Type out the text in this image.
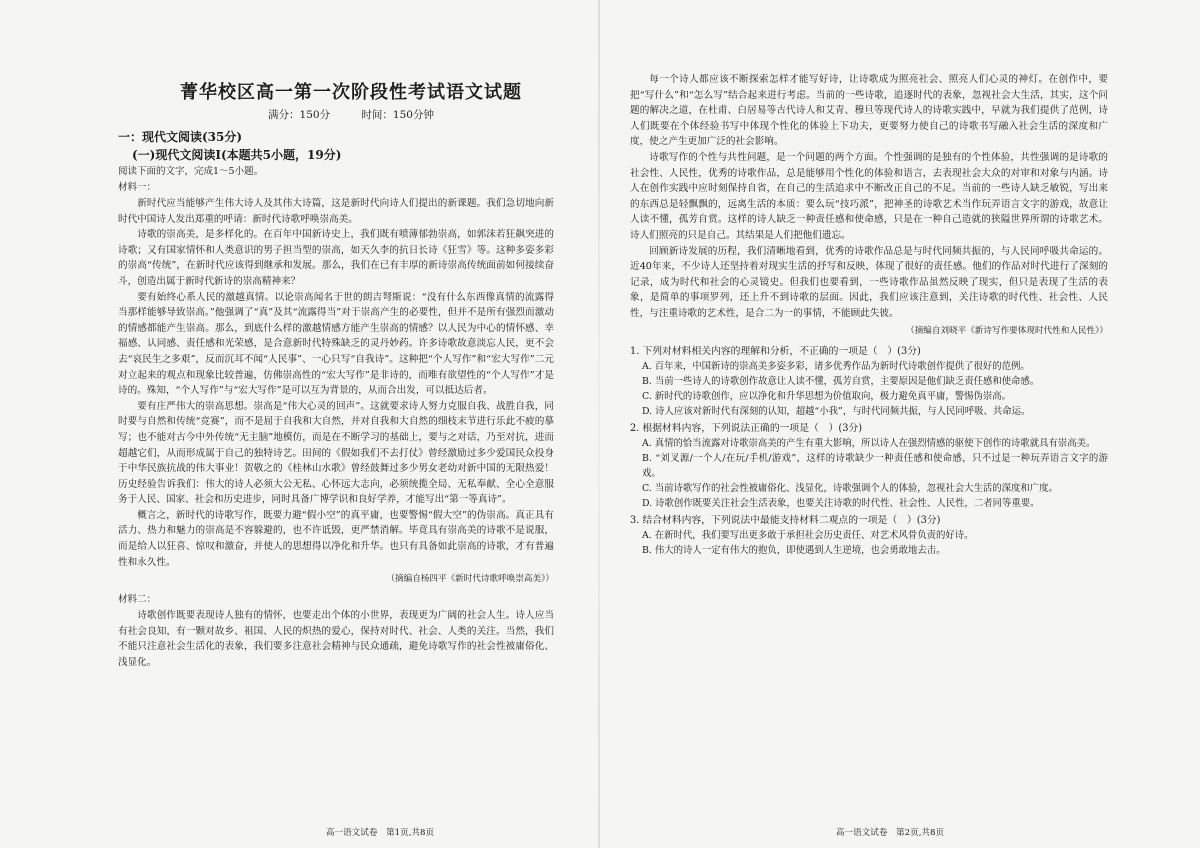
菁华校区高一第一次阶段性考试语文试题
满分：150分	时间：150分钟
一：现代文阅读(35分)
(一)现代文阅读Ⅰ(本题共5小题，19分)
阅读下面的文字，完成1～5小题。
材料一：

新时代应当能够产生伟大诗人及其伟大诗篇，这是新时代向诗人们提出的新课题。我们急切地向新时代中国诗人发出郑重的呼请：新时代诗歌呼唤崇高美。

诗歌的崇高美，是多样化的。在百年中国新诗史上，我们既有喷薄郁勃崇高，如郭沫若狂飙突进的诗歌；又有国家情怀和人类意识的男子担当型的崇高，如天久李的抗日长诗《狂雪》等。这种多姿多彩的崇高“传统”，在新时代应该得到继承和发展。那么，我们在已有丰厚的新诗崇高传统面前如何接续奋斗，创造出属于新时代新诗的崇高精神来？

要有始终心系人民的激越真情。以论崇高闻名于世的朗吉弩斯说：“没有什么东西像真情的流露得当那样能够导致崇高。”他强调了“真”及其“流露得当”对于崇高产生的必要性，但并不是所有强烈而激动的情感都能产生崇高。那么，到底什么样的激越情感方能产生崇高的情感？以人民为中心的情怀感、幸福感、认同感、责任感和光荣感，是合意新时代特殊缺乏的灵丹妙药。许多诗歌故意淡忘人民，更不会去“哀民生之多艰”，反而沉耳不闻“人民事”、一心只写“自我诗”。这种把“个人写作”和“宏大写作”二元对立起来的观点和现象比较普遍，仿佛崇高性的“宏大写作”是非诗的，而唯有欲望性的“个人写作”才是诗的。殊知，“个人写作”与“宏大写作”是可以互为背景的，从而合出发，可以抵达后者。

要有庄严伟大的崇高思想。崇高是“伟大心灵的回声”。这就要求诗人努力克服自我、战胜自我，同时要与自然和传统“竞赛”，而不是屈于自我和大自然，并对自我和大自然的细枝末节进行乐此不疲的摹写；也不能对古今中外传统“无主脑”地模仿，而是在不断学习的基础上，要与之对话，乃至对抗，进而超越它们，从而形成属于自己的独特诗艺。田间的《假如我们不去打仗》曾经激励过多少爱国民众投身于中华民族抗战的伟大事业！贺敬之的《桂林山水歌》曾经鼓舞过多少男女老幼对新中国的无限热爱！历史经验告诉我们：伟大的诗人必须大公无私、心怀远大志向，必须统揽全局、无私奉献、全心全意服务于人民、国家、社会和历史进步，同时具备广博学识和良好学养，才能写出“第一等真诗”。

概言之，新时代的诗歌写作，既要力避“假小空”的真平庸，也要警惕“假大空”的伪崇高。真正具有活力、热力和魅力的崇高是不容躲避的，也不许诋毁，更严禁消解。毕竟具有崇高美的诗歌不是说服，而是给人以狂喜、惊叹和激奋，并使人的思想得以净化和升华。也只有具备如此崇高的诗歌，才有普遍性和永久性。

（摘编自杨四平《新时代诗歌呼唤崇高美》）

材料二：

诗歌创作既要表现诗人独有的情怀，也要走出个体的小世界，表现更为广阔的社会人生。诗人应当有社会良知，有一颗对故乡、祖国、人民的炽热的爱心，保持对时代、社会、人类的关注。当然，我们不能只注意社会生活化的表象，我们要多注意社会精神与民众通疏，避免诗歌写作的社会性被庸俗化、浅显化。

高一语文试卷　第1页,共8页

每一个诗人都应该不断探索怎样才能写好诗，让诗歌成为照亮社会、照亮人们心灵的神灯。在创作中，要把“写什么”和“怎么写”结合起来进行考虑。当前的一些诗歌，追逐时代的表象，忽视社会大生活，其实，这个问题的解决之道，在杜甫、白居易等古代诗人和艾青、穆旦等现代诗人的诗歌实践中，早就为我们提供了范例，诗人们既要在个体经验书写中体现个性化的体验上下功夫，更要努力使自己的诗歌书写融入社会生活的深度和广度，使之产生更加广泛的社会影响。

诗歌写作的个性与共性问题，是一个问题的两个方面。个性强调的是独有的个性体验，共性强调的是诗歌的社会性、人民性，优秀的诗歌作品，总是能够用个性化的体验和语言，去表现社会大众的对审和对象与内涵。诗人在创作实践中应时刻保持自省，在自己的生活追求中不断改正自己的不足。当前的一些诗人缺乏敏锐，写出来的东西总是轻飘飘的，远离生活的本质：要么玩“技巧派”，把神圣的诗歌艺术当作玩弄语言文字的游戏，故意让人读不懂，孤芳自赏。这样的诗人缺乏一种责任感和使命感，只是在一种自己造就的狭隘世界所谓的诗歌艺术。诗人们照亮的只是自己。其结果是人们把他们遗忘。

回顾新诗发展的历程，我们清晰地看到，优秀的诗歌作品总是与时代同频共振的，与人民同呼吸共命运的。近40年来，不少诗人还坚持着对现实生活的抒写和反映，体现了很好的责任感。他们的作品对时代进行了深刻的记录，成为时代和社会的心灵镜史。但我们也要看到，一些诗歌作品虽然反映了现实，但只是表现了生活的表象，是简单的事项罗列，还上升不到诗歌的层面。因此，我们应该注意到，关注诗歌的时代性、社会性、人民性，与注重诗歌的艺术性，是合二为一的事情，不能顾此失彼。

（摘编自刘晓平《新诗写作要体现时代性和人民性》）

1. 下列对材料相关内容的理解和分析，不正确的一项是（　）(3分)
A. 百年来，中国新诗的崇高美多姿多彩，诸多优秀作品为新时代诗歌创作提供了很好的范例。
B. 当前一些诗人的诗歌创作故意让人读不懂，孤芳自赏，主要原因是他们缺乏责任感和使命感。
C. 新时代的诗歌创作，应以净化和升华思想为价值取向，极力避免真平庸，警惕伪崇高。
D. 诗人应该对新时代有深刻的认知，超越“小我”，与时代同频共振，与人民同呼吸、共命运。
2. 根据材料内容，下列说法正确的一项是（　）(3分)
A. 真情的恰当流露对诗歌崇高美的产生有重大影响，所以诗人在强烈情感的驱使下创作的诗歌就具有崇高美。
B. “刘叉源/一个人/在玩/手机/游戏”，这样的诗歌缺少一种责任感和使命感，只不过是一种玩弄语言文字的游戏。
C. 当前诗歌写作的社会性被庸俗化、浅显化，诗歌强调个人的体验，忽视社会大生活的深度和广度。
D. 诗歌创作既要关注社会生活表象，也要关注诗歌的时代性、社会性、人民性，二者同等重要。
3. 结合材料内容，下列说法中最能支持材料二观点的一项是（　）(3分)
A. 在新时代，我们要写出更多敢于承担社会历史责任、对艺术风骨负责的好诗。
B. 伟大的诗人一定有伟大的抱负，即使遇到人生逆境，也会勇敢地去击。
高一语文试卷　第2页,共8页
